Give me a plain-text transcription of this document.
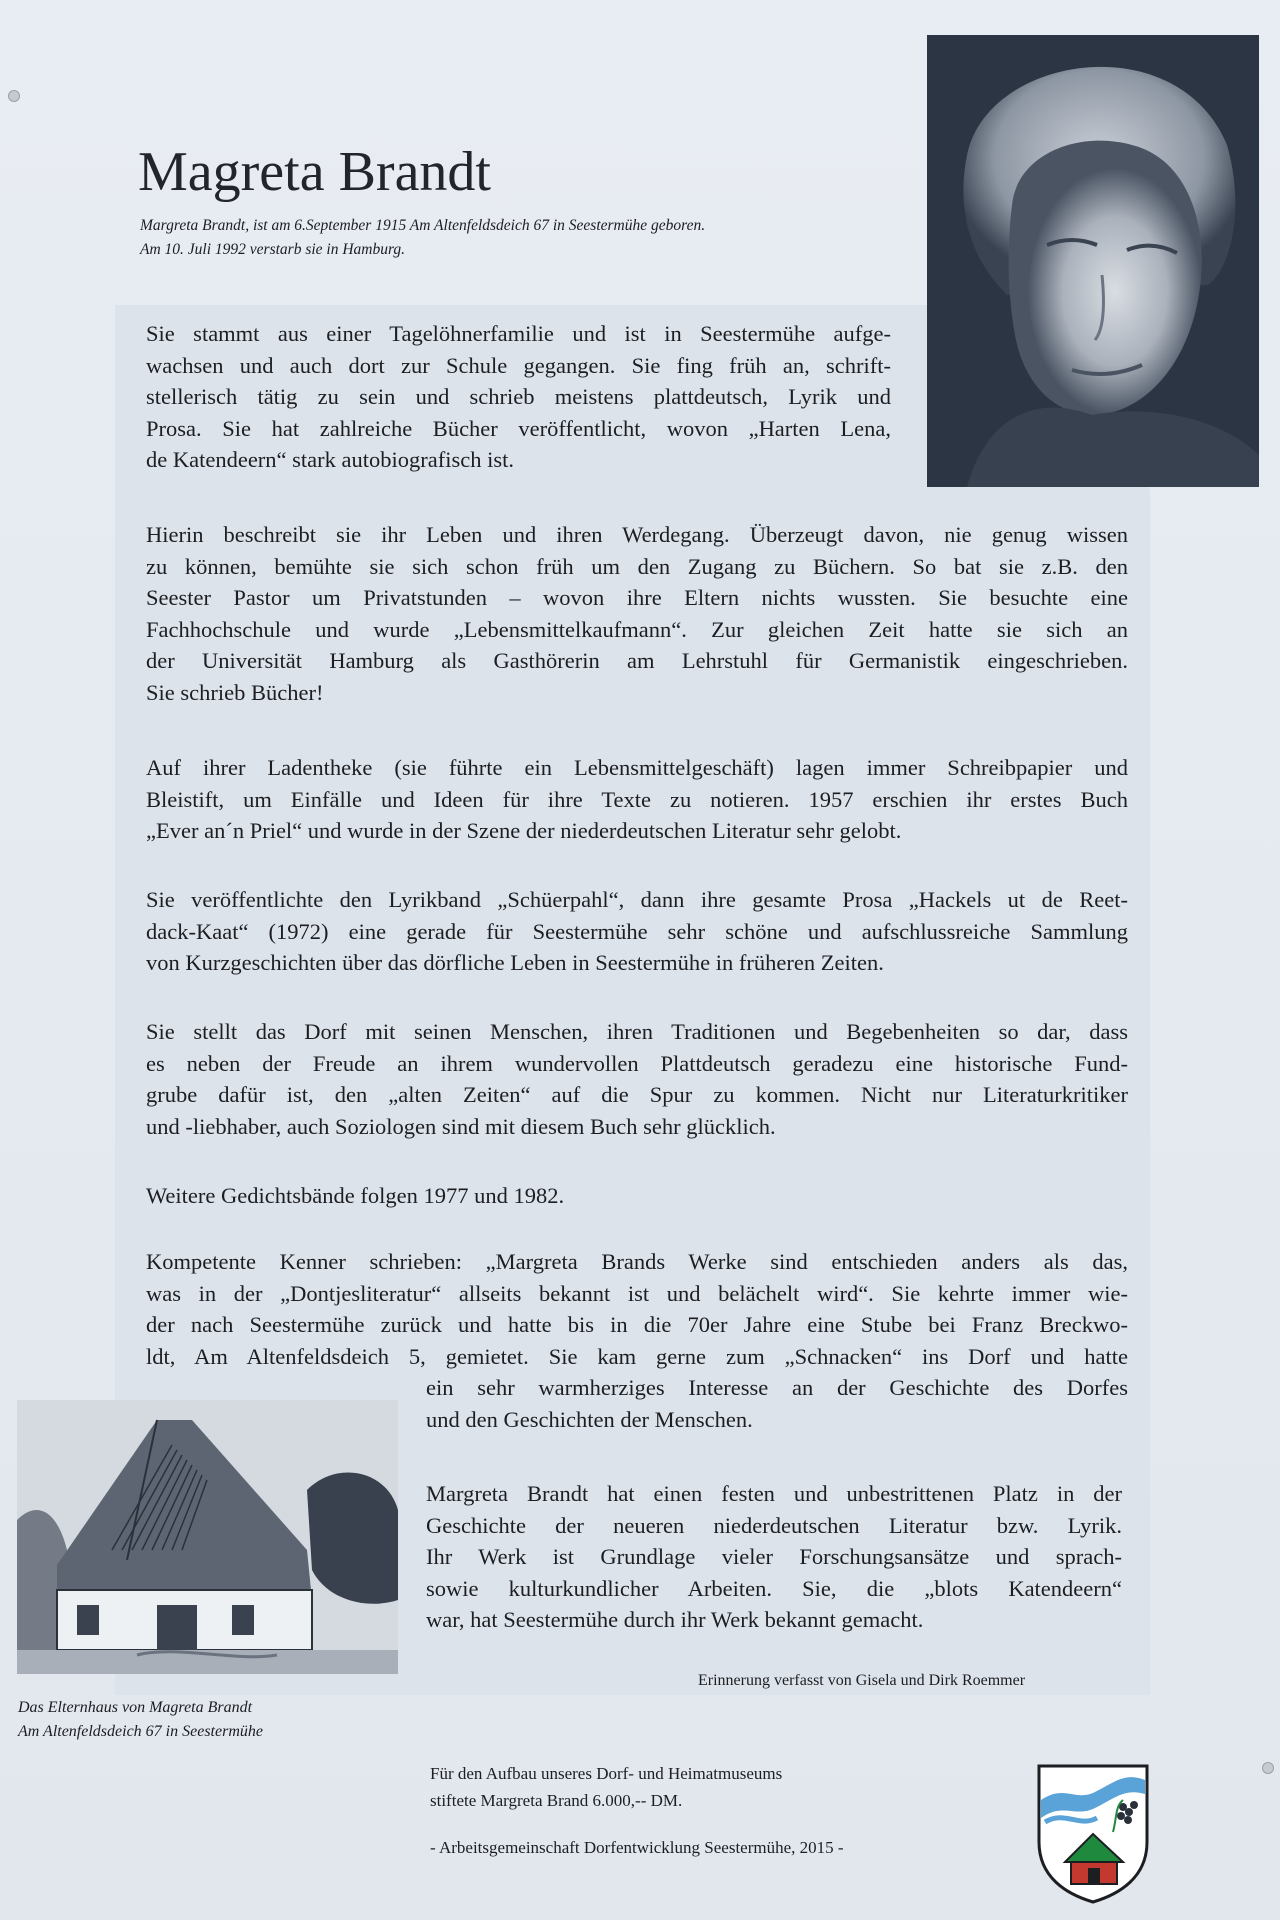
Magreta Brandt
Margreta Brandt, ist am 6.September 1915 Am Altenfeldsdeich 67 in Seestermühe geboren.
Am 10. Juli 1992 verstarb sie in Hamburg.
Sie stammt aus einer Tagelöhnerfamilie und ist in Seestermühe aufge-
wachsen und auch dort zur Schule gegangen. Sie fing früh an, schrift-
stellerisch tätig zu sein und schrieb meistens plattdeutsch, Lyrik und
Prosa. Sie hat zahlreiche Bücher veröffentlicht, wovon „Harten Lena,
de Katendeern“ stark autobiografisch ist.
Hierin beschreibt sie ihr Leben und ihren Werdegang. Überzeugt davon, nie genug wissen
zu können, bemühte sie sich schon früh um den Zugang zu Büchern. So bat sie z.B. den
Seester Pastor um Privatstunden – wovon ihre Eltern nichts wussten. Sie besuchte eine
Fachhochschule und wurde „Lebensmittelkaufmann“. Zur gleichen Zeit hatte sie sich an
der Universität Hamburg als Gasthörerin am Lehrstuhl für Germanistik eingeschrieben.
Sie schrieb Bücher!
Auf ihrer Ladentheke (sie führte ein Lebensmittelgeschäft) lagen immer Schreibpapier und
Bleistift, um Einfälle und Ideen für ihre Texte zu notieren. 1957 erschien ihr erstes Buch
„Ever an´n Priel“ und wurde in der Szene der niederdeutschen Literatur sehr gelobt.
Sie veröffentlichte den Lyrikband „Schüerpahl“, dann ihre gesamte Prosa „Hackels ut de Reet-
dack-Kaat“ (1972) eine gerade für Seestermühe sehr schöne und aufschlussreiche Sammlung
von Kurzgeschichten über das dörfliche Leben in Seestermühe in früheren Zeiten.
Sie stellt das Dorf mit seinen Menschen, ihren Traditionen und Begebenheiten so dar, dass
es neben der Freude an ihrem wundervollen Plattdeutsch geradezu eine historische Fund-
grube dafür ist, den „alten Zeiten“ auf die Spur zu kommen. Nicht nur Literaturkritiker
und -liebhaber, auch Soziologen sind mit diesem Buch sehr glücklich.
Weitere Gedichtsbände folgen 1977 und 1982.
Kompetente Kenner schrieben: „Margreta Brands Werke sind entschieden anders als das,
was in der „Dontjesliteratur“ allseits bekannt ist und belächelt wird“. Sie kehrte immer wie-
der nach Seestermühe zurück und hatte bis in die 70er Jahre eine Stube bei Franz Breckwo-
ldt, Am Altenfeldsdeich 5, gemietet. Sie kam gerne zum „Schnacken“ ins Dorf und hatte
ein sehr warmherziges Interesse an der Geschichte des Dorfes
und den Geschichten der Menschen.
Margreta Brandt hat einen festen und unbestrittenen Platz in der
Geschichte der neueren niederdeutschen Literatur bzw. Lyrik.
Ihr Werk ist Grundlage vieler Forschungsansätze und sprach-
sowie kulturkundlicher Arbeiten. Sie, die „blots Katendeern“
war, hat Seestermühe durch ihr Werk bekannt gemacht.
Das Elternhaus von Magreta Brandt
Am Altenfeldsdeich 67 in Seestermühe
Erinnerung verfasst von Gisela und Dirk Roemmer
Für den Aufbau unseres Dorf- und Heimatmuseums
stiftete Margreta Brand 6.000,-- DM.
- Arbeitsgemeinschaft Dorfentwicklung Seestermühe, 2015 -
